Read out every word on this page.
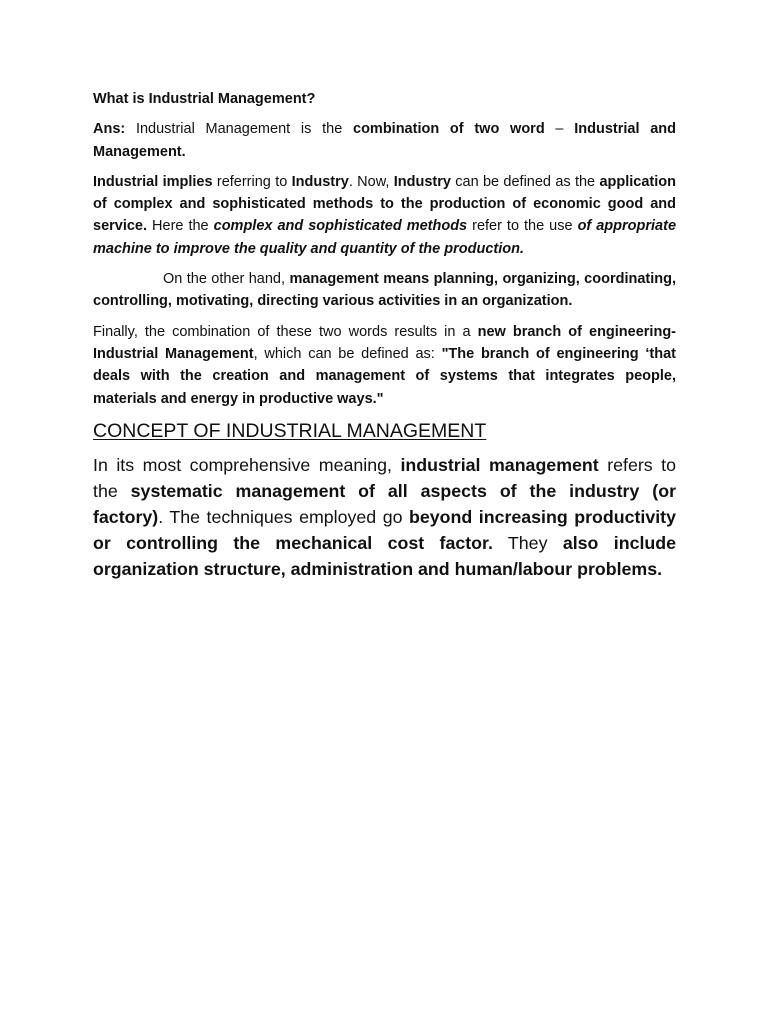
What is Industrial Management?

Ans: Industrial Management is the combination of two word – Industrial and Management.

Industrial implies referring to Industry. Now, Industry can be defined as the application of complex and sophisticated methods to the production of economic good and service. Here the complex and sophisticated methods refer to the use of appropriate machine to improve the quality and quantity of the production.

On the other hand, management means planning, organizing, coordinating, controlling, motivating, directing various activities in an organization.

Finally, the combination of these two words results in a new branch of engineering- Industrial Management, which can be defined as: "The branch of engineering ‘that deals with the creation and management of systems that integrates people, materials and energy in productive ways."

CONCEPT OF INDUSTRIAL MANAGEMENT

In its most comprehensive meaning, industrial management refers to the systematic management of all aspects of the industry (or factory). The techniques employed go beyond increasing productivity or controlling the mechanical cost factor. They also include organization structure, administration and human/labour problems.
